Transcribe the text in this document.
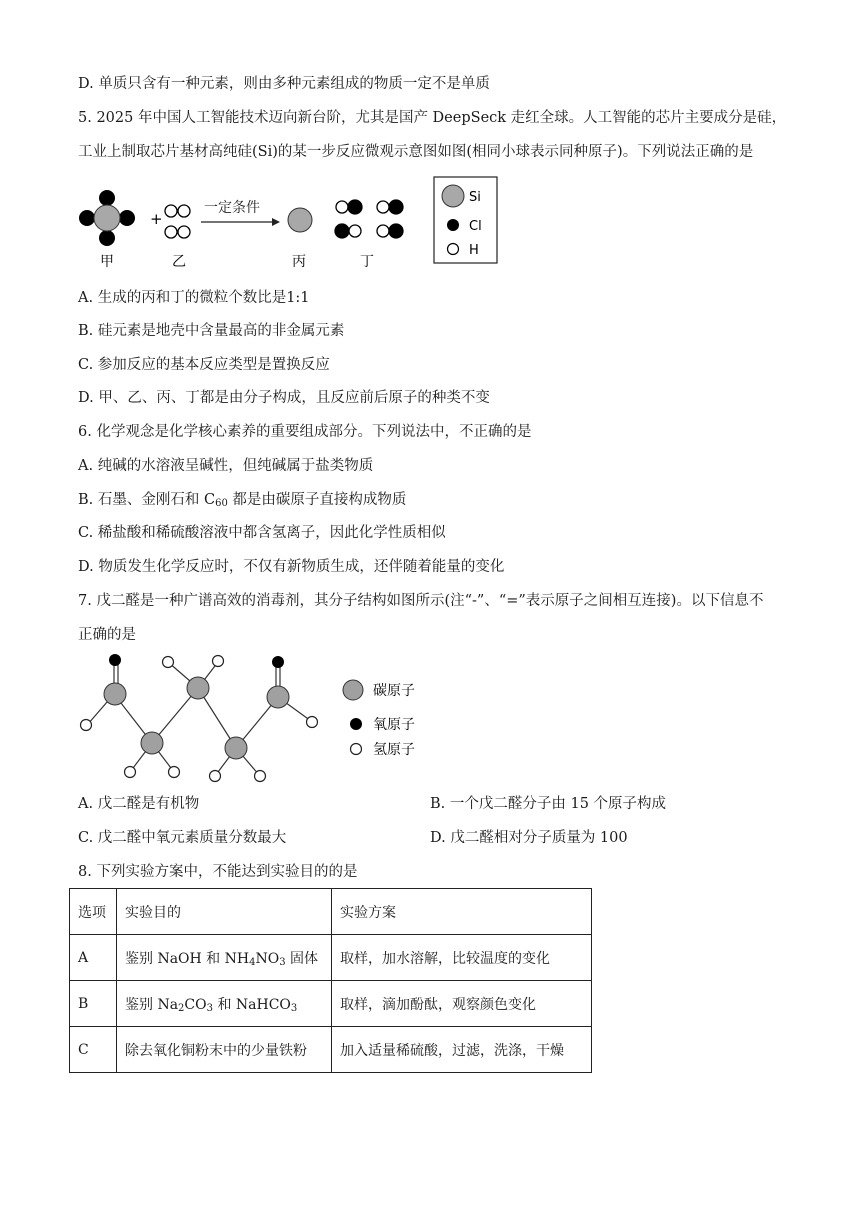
D. 单质只含有一种元素，则由多种元素组成的物质一定不是单质
5. 2025 年中国人工智能技术迈向新台阶，尤其是国产 DeepSeck 走红全球。人工智能的芯片主要成分是硅，
工业上制取芯片基材高纯硅(Si)的某一步反应微观示意图如图(相同小球表示同种原子)。下列说法正确的是
+
一定条件
甲	乙	丙	丁
Si
Cl
H
碳原子
氧原子
氢原子
A. 生成的丙和丁的微粒个数比是1:1
B. 硅元素是地壳中含量最高的非金属元素
C. 参加反应的基本反应类型是置换反应
D. 甲、乙、丙、丁都是由分子构成，且反应前后原子的种类不变
6. 化学观念是化学核心素养的重要组成部分。下列说法中，不正确的是
A. 纯碱的水溶液呈碱性，但纯碱属于盐类物质
B. 石墨、金刚石和 $C_{60}$ 都是由碳原子直接构成物质
C. 稀盐酸和稀硫酸溶液中都含氢离子，因此化学性质相似
D. 物质发生化学反应时，不仅有新物质生成，还伴随着能量的变化
7. 戊二醛是一种广谱高效的消毒剂，其分子结构如图所示(注“-”、“=”表示原子之间相互连接)。以下信息不
正确的是
A. 戊二醛是有机物	B. 一个戊二醛分子由 15 个原子构成
C. 戊二醛中氧元素质量分数最大	D. 戊二醛相对分子质量为 100
8. 下列实验方案中，不能达到实验目的的是
选项	实验目的	实验方案
A	鉴别 NaOH 和 $NH_4NO_3$ 固体	取样，加水溶解，比较温度的变化
B	鉴别 $Na_2CO_3$ 和 NaHCO$_3$	取样，滴加酚酞，观察颜色变化
C	除去氧化铜粉末中的少量铁粉	加入适量稀硫酸，过滤，洗涤，干燥
